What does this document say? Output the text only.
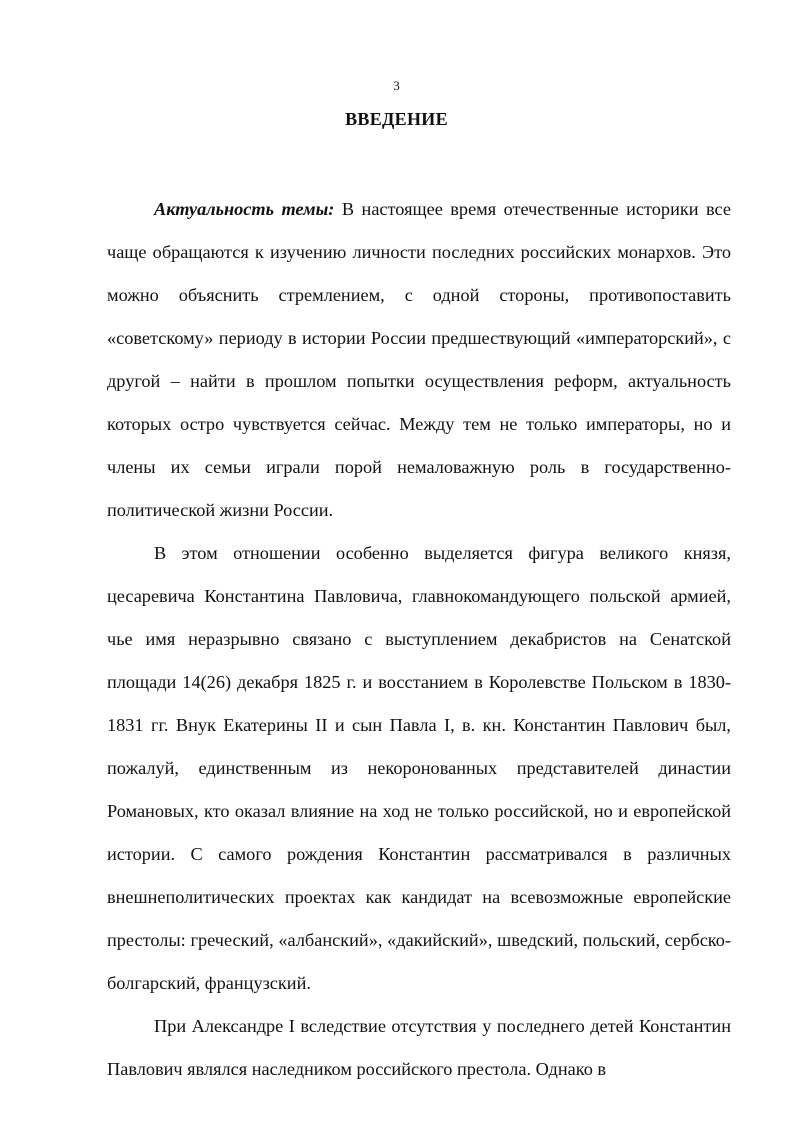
3
ВВЕДЕНИЕ

Актуальность темы: В настоящее время отечественные историки все чаще обращаются к изучению личности последних российских монархов. Это можно объяснить стремлением, с одной стороны, противопоставить «советскому» периоду в истории России предшествующий «императорский», с другой – найти в прошлом попытки осуществления реформ, актуальность которых остро чувствуется сейчас. Между тем не только императоры, но и члены их семьи играли порой немаловажную роль в государственно-политической жизни России.

В этом отношении особенно выделяется фигура великого князя, цесаревича Константина Павловича, главнокомандующего польской армией, чье имя неразрывно связано с выступлением декабристов на Сенатской площади 14(26) декабря 1825 г. и восстанием в Королевстве Польском в 1830-1831 гг. Внук Екатерины II и сын Павла I, в. кн. Константин Павлович был, пожалуй, единственным из некоронованных представителей династии Романовых, кто оказал влияние на ход не только российской, но и европейской истории. С самого рождения Константин рассматривался в различных внешнеполитических проектах как кандидат на всевозможные европейские престолы: греческий, «албанский», «дакийский», шведский, польский, сербско-болгарский, французский.

При Александре I вследствие отсутствия у последнего детей Константин Павлович являлся наследником российского престола. Однако в
